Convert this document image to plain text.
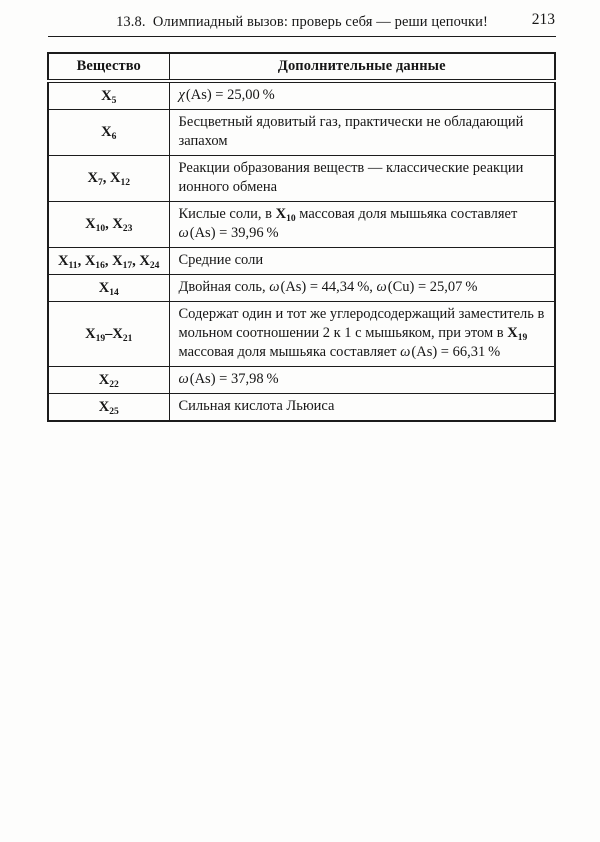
13.8. Олимпиадный вызов: проверь себя — реши цепочки!	213
Вещество	Дополнительные данные
$X_5$	χ(As) = 25,00 %
$X_6$	Бесцветный ядовитый газ, практически не обладающий запахом
$X_7$, $X_{12}$	Реакции образования веществ — классические реакции ионного обмена
$X_{10}$, $X_{23}$	Кислые соли, в $X_{10}$ массовая доля мышьяка составляет ω(As) = 39,96 %
$X_{11}$, $X_{16}$, $X_{17}$, $X_{24}$	Средние соли
$X_{14}$	Двойная соль, ω(As) = 44,34 %, ω(Cu) = 25,07 %
$X_{19}-X_{21}$	Содержат один и тот же углеродсодержащий заместитель в мольном соотношении 2 к 1 с мышьяком, при этом в $X_{19}$ массовая доля мышьяка составляет ω(As) = 66,31 %
$X_{22}$	ω(As) = 37,98 %
$X_{25}$	Сильная кислота Льюиса
